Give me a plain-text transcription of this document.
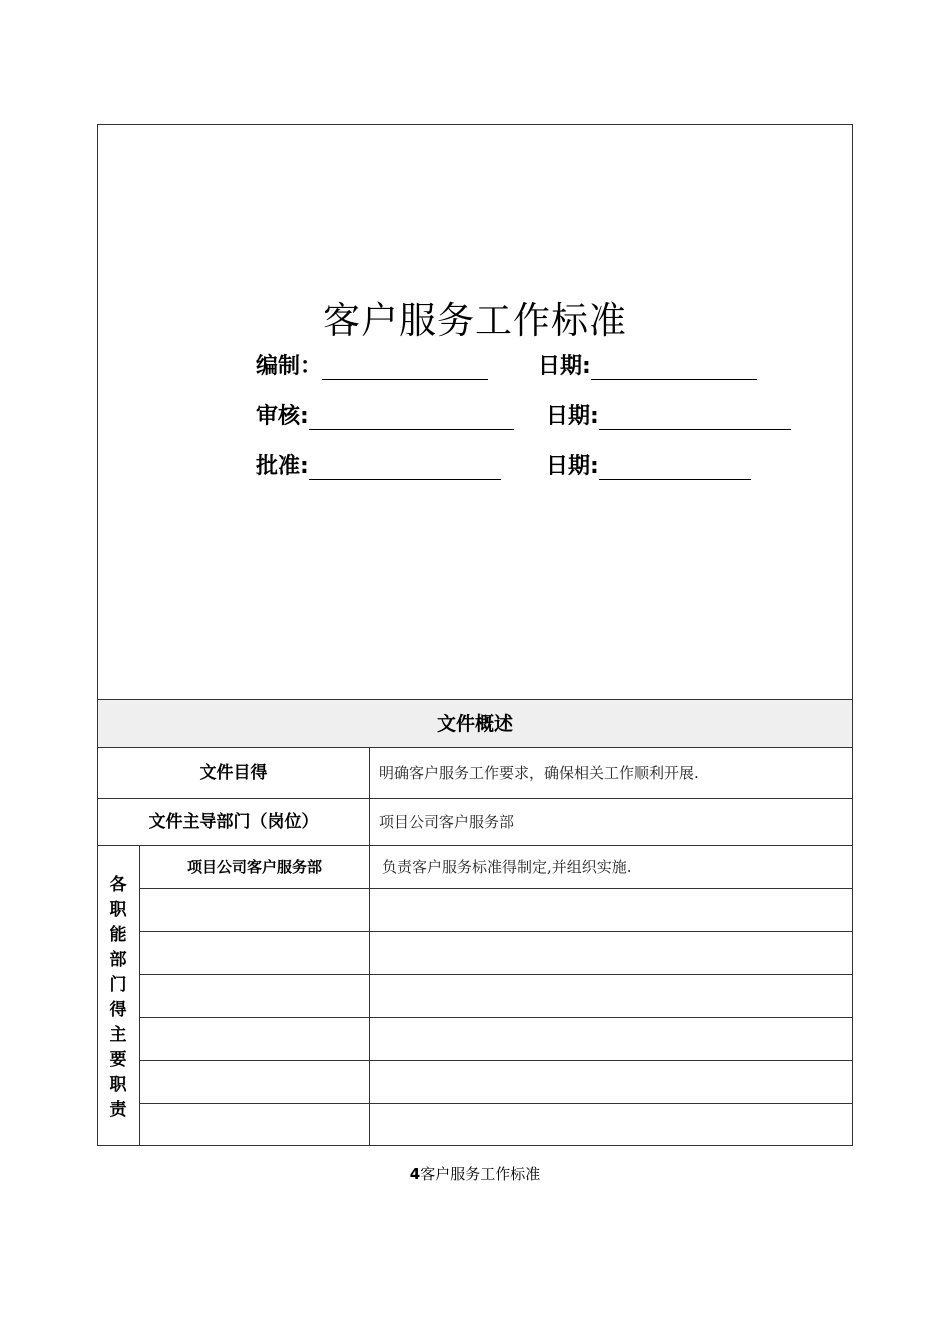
客户服务工作标准
编制：	日期:
审核:	日期:
批准:	日期:
文件概述
文件目得	明确客户服务工作要求，确保相关工作顺利开展.
文件主导部门（岗位）	项目公司客户服务部
各职能部门得主要职责
项目公司客户服务部	负责客户服务标准得制定,并组织实施.
4客户服务工作标准
